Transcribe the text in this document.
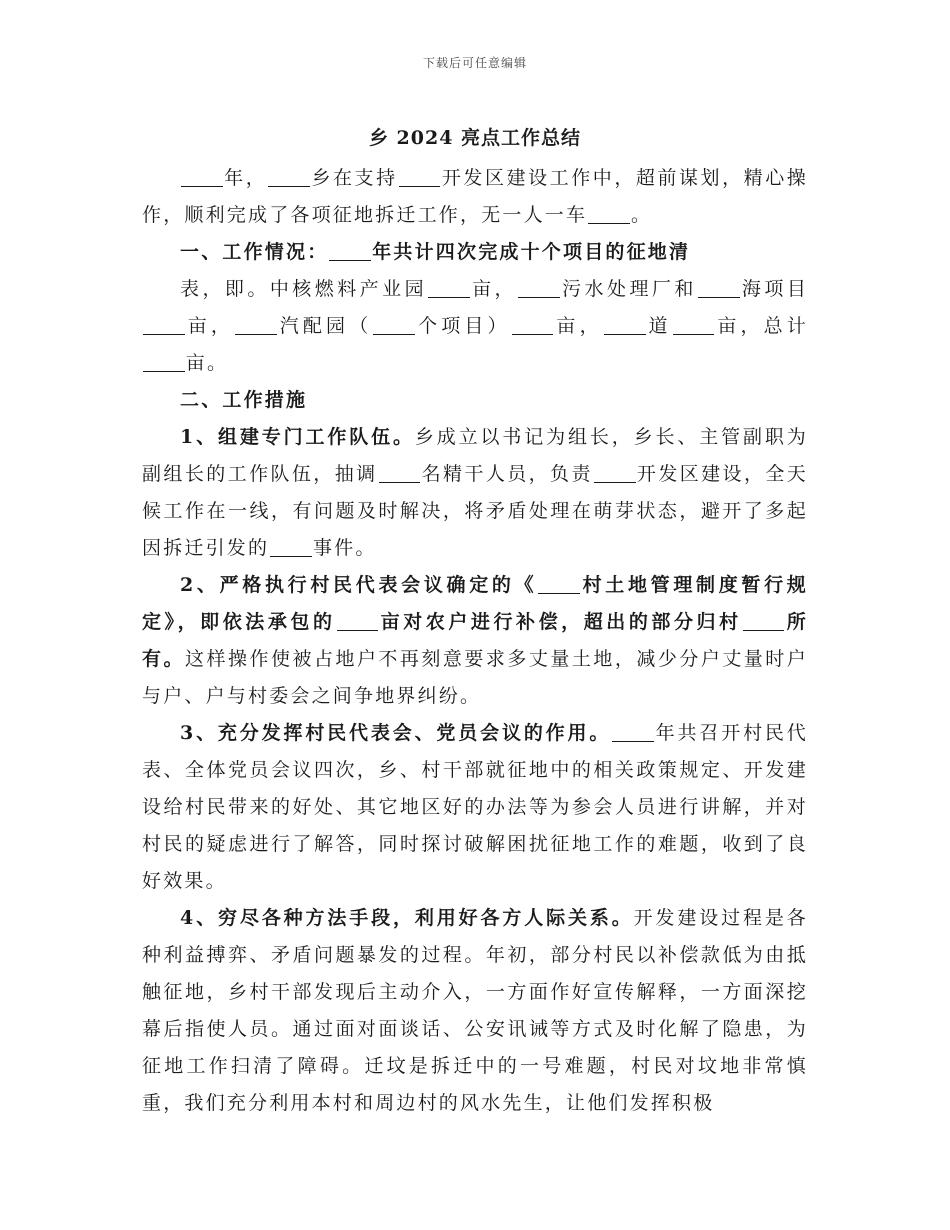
下载后可任意编辑
乡 2024 亮点工作总结

年， 乡在支持 开发区建设工作中，超前谋划，精心操作，顺利完成了各项征地拆迁工作，无一人一车 。

一、工作情况： 年共计四次完成十个项目的征地清

表，即。中核燃料产业园 亩， 污水处理厂和 海项目亩， 汽配园（ 个项目） 亩， 道 亩，总计亩。

二、工作措施

1、组建专门工作队伍。乡成立以书记为组长，乡长、主管副职为副组长的工作队伍，抽调 名精干人员，负责 开发区建设，全天候工作在一线，有问题及时解决，将矛盾处理在萌芽状态，避开了多起因拆迁引发的 事件。

2、严格执行村民代表会议确定的《 村土地管理制度暂行规定》，即依法承包的 亩对农户进行补偿，超出的部分归村 所有。这样操作使被占地户不再刻意要求多丈量土地，减少分户丈量时户与户、户与村委会之间争地界纠纷。

3、充分发挥村民代表会、党员会议的作用。 年共召开村民代表、全体党员会议四次，乡、村干部就征地中的相关政策规定、开发建设给村民带来的好处、其它地区好的办法等为参会人员进行讲解，并对村民的疑虑进行了解答，同时探讨破解困扰征地工作的难题，收到了良好效果。

4、穷尽各种方法手段，利用好各方人际关系。开发建设过程是各种利益搏弈、矛盾问题暴发的过程。年初，部分村民以补偿款低为由抵触征地，乡村干部发现后主动介入，一方面作好宣传解释，一方面深挖幕后指使人员。通过面对面谈话、公安讯诫等方式及时化解了隐患，为征地工作扫清了障碍。迁坟是拆迁中的一号难题，村民对坟地非常慎重，我们充分利用本村和周边村的风水先生，让他们发挥积极
